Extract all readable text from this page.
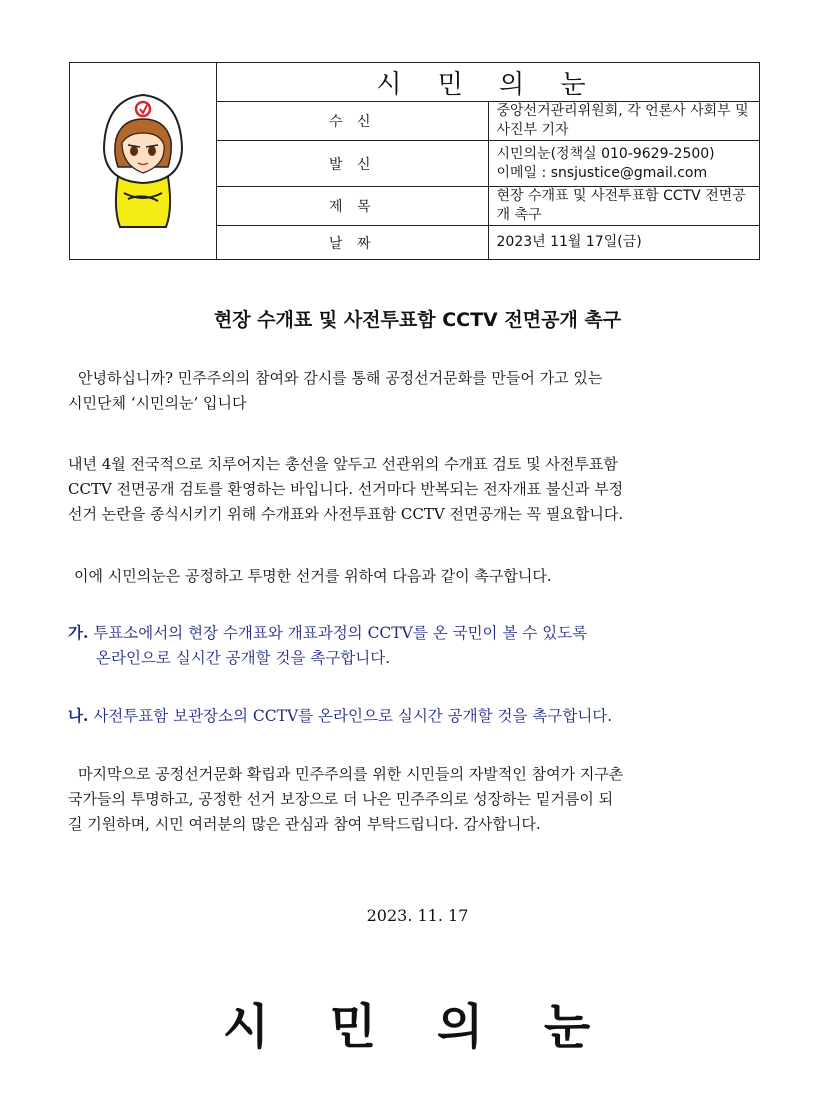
	시 민 의 눈	
	수 신	중앙선거관리위원회, 각 언론사 사회부 및 사진부 기자

	발 신	시민의눈(정책실 010-9629-2500)
이메일 : snsjustice@gmail.com

	제 목	현장 수개표 및 사전투표함 CCTV 전면공개 촉구

	날 짜	2023년 11월 17일(금)
현장 수개표 및 사전투표함 CCTV 전면공개 촉구

안녕하십니까? 민주주의의 참여와 감시를 통해 공정선거문화를 만들어 가고 있는
시민단체 ‘시민의눈’ 입니다

내년 4월 전국적으로 치루어지는 총선을 앞두고 선관위의 수개표 검토 및 사전투표함
CCTV 전면공개 검토를 환영하는 바입니다. 선거마다 반복되는 전자개표 불신과 부정
선거 논란을 종식시키기 위해 수개표와 사전투표함 CCTV 전면공개는 꼭 필요합니다.

이에 시민의눈은 공정하고 투명한 선거를 위하여 다음과 같이 촉구합니다.

가. 투표소에서의 현장 수개표와 개표과정의 CCTV를 온 국민이 볼 수 있도록
온라인으로 실시간 공개할 것을 촉구합니다.

나. 사전투표함 보관장소의 CCTV를 온라인으로 실시간 공개할 것을 촉구합니다.

마지막으로 공정선거문화 확립과 민주주의를 위한 시민들의 자발적인 참여가 지구촌
국가들의 투명하고, 공정한 선거 보장으로 더 나은 민주주의로 성장하는 밑거름이 되
길 기원하며, 시민 여러분의 많은 관심과 참여 부탁드립니다. 감사합니다.

2023. 11. 17
시 민 의 눈
